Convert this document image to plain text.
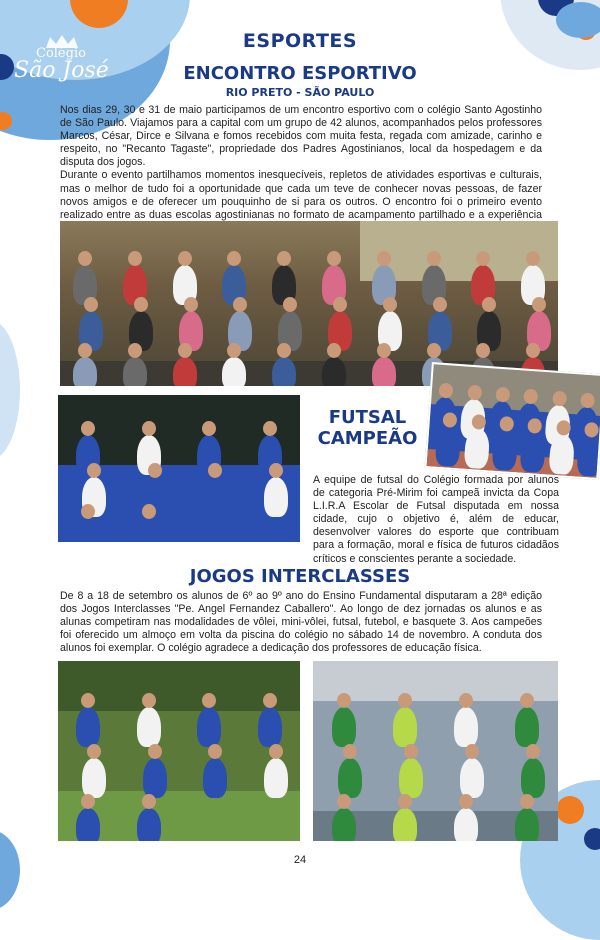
Colégio
São José
ESPORTES
ENCONTRO ESPORTIVO
RIO PRETO - SÃO PAULO

Nos dias 29, 30 e 31 de maio participamos de um encontro esportivo com o colégio Santo Agostinho de São Paulo. Viajamos para a capital com um grupo de 42 alunos, acompanhados pelos professores Marcos, César, Dirce e Silvana e fomos recebidos com muita festa, regada com amizade, carinho e respeito, no "Recanto Tagaste", propriedade dos Padres Agostinianos, local da hospedagem e da disputa dos jogos.

Durante o evento partilhamos momentos inesquecíveis, repletos de atividades esportivas e culturais, mas o melhor de tudo foi a oportunidade que cada um teve de conhecer novas pessoas, de fazer novos amigos e de oferecer um pouquinho de si para os outros. O encontro foi o primeiro evento realizado entre as duas escolas agostinianas no formato de acampamento partilhado e a experiência

FUTSAL
CAMPEÃO
A equipe de futsal do Colégio formada por alunos de categoria Pré-Mirim foi campeã invicta da Copa L.I.R.A Escolar de Futsal disputada em nossa cidade, cujo o objetivo é, além de educar, desenvolver valores do esporte que contribuam para a formação, moral e física de futuros cidadãos críticos e conscientes perante a sociedade.
JOGOS INTERCLASSES
De 8 a 18 de setembro os alunos de 6º ao 9º ano do Ensino Fundamental disputaram a 28ª edição dos Jogos Interclasses "Pe. Angel Fernandez Caballero". Ao longo de dez jornadas os alunos e as alunas competiram nas modalidades de vôlei, mini-vôlei, futsal, futebol, e basquete 3. Aos campeões foi oferecido um almoço em volta da piscina do colégio no sábado 14 de novembro. A conduta dos alunos foi exemplar. O colégio agradece a dedicação dos professores de educação física.
24
